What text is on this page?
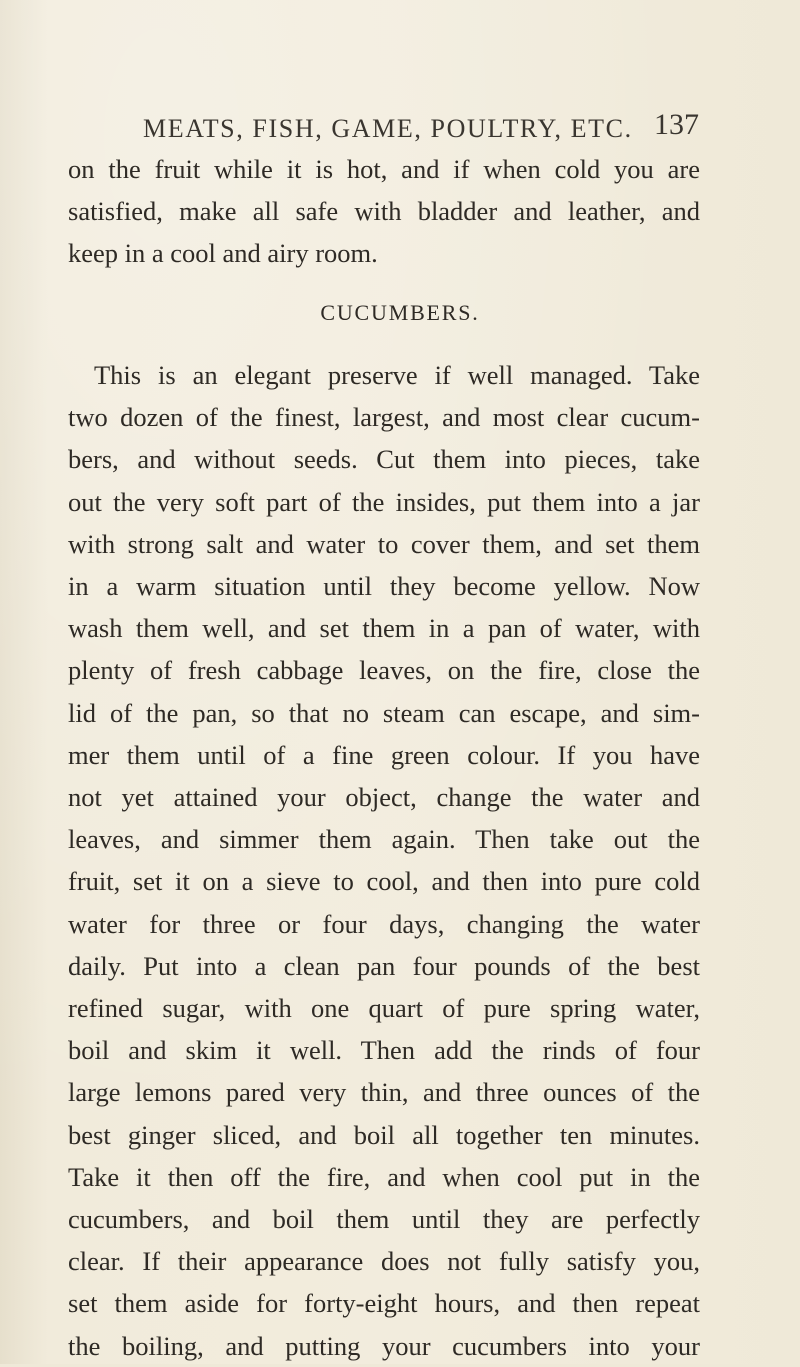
MEATS, FISH, GAME, POULTRY, ETC. 137
on the fruit while it is hot, and if when cold you are
satisfied, make all safe with bladder and leather, and
keep in a cool and airy room.
CUCUMBERS.
This is an elegant preserve if well managed. Take
two dozen of the finest, largest, and most clear cucum-
bers, and without seeds. Cut them into pieces, take
out the very soft part of the insides, put them into a jar
with strong salt and water to cover them, and set them
in a warm situation until they become yellow. Now
wash them well, and set them in a pan of water, with
plenty of fresh cabbage leaves, on the fire, close the
lid of the pan, so that no steam can escape, and sim-
mer them until of a fine green colour. If you have
not yet attained your object, change the water and
leaves, and simmer them again. Then take out the
fruit, set it on a sieve to cool, and then into pure cold
water for three or four days, changing the water
daily. Put into a clean pan four pounds of the best
refined sugar, with one quart of pure spring water,
boil and skim it well. Then add the rinds of four
large lemons pared very thin, and three ounces of the
best ginger sliced, and boil all together ten minutes.
Take it then off the fire, and when cool put in the
cucumbers, and boil them until they are perfectly
clear. If their appearance does not fully satisfy you,
set them aside for forty-eight hours, and then repeat
the boiling, and putting your cucumbers into your
